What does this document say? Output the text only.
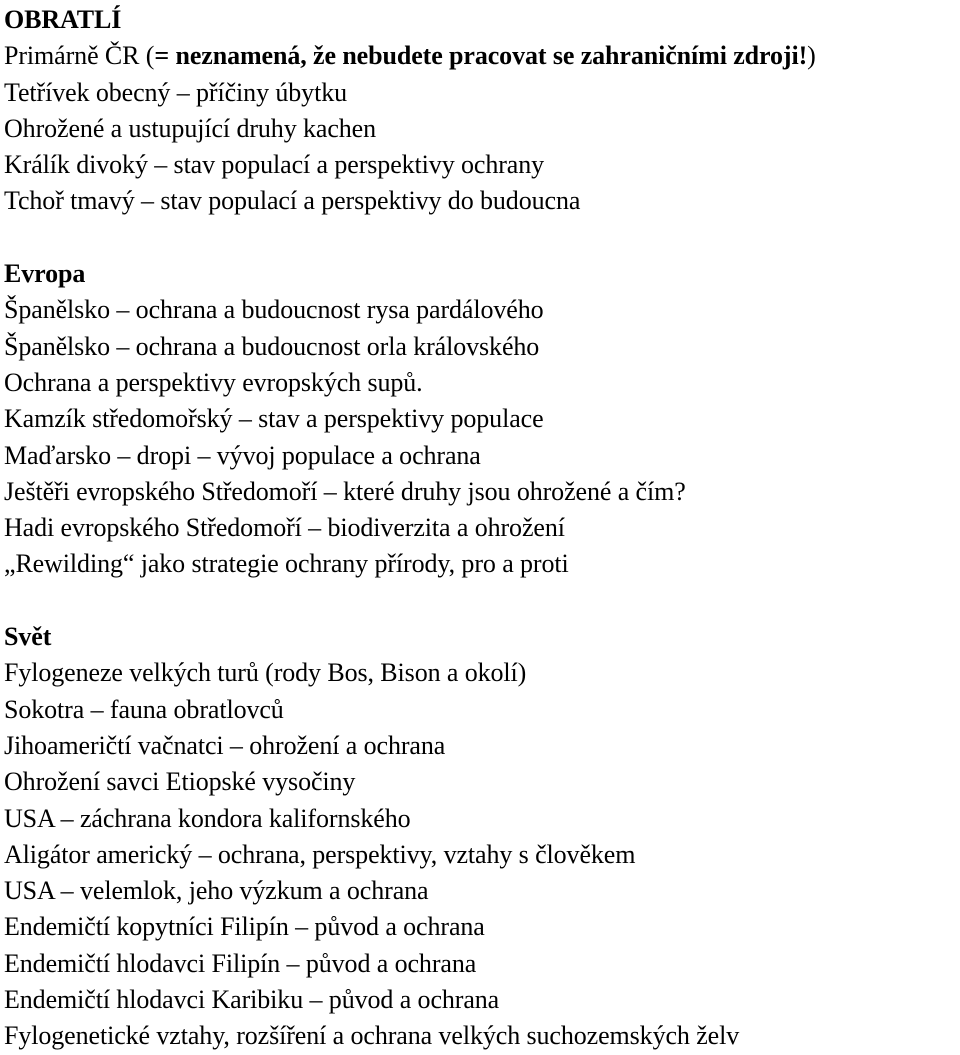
OBRATLÍ
Primárně ČR (= neznamená, že nebudete pracovat se zahraničními zdroji!)
Tetřívek obecný – příčiny úbytku
Ohrožené a ustupující druhy kachen
Králík divoký – stav populací a perspektivy ochrany
Tchoř tmavý – stav populací a perspektivy do budoucna
Evropa
Španělsko – ochrana a budoucnost rysa pardálového
Španělsko – ochrana a budoucnost orla královského
Ochrana a perspektivy evropských supů.
Kamzík středomořský – stav a perspektivy populace
Maďarsko – dropi – vývoj populace a ochrana
Ještěři evropského Středomoří – které druhy jsou ohrožené a čím?
Hadi evropského Středomoří – biodiverzita a ohrožení
„Rewilding“ jako strategie ochrany přírody, pro a proti
Svět
Fylogeneze velkých turů (rody Bos, Bison a okolí)
Sokotra – fauna obratlovců
Jihoameričtí vačnatci – ohrožení a ochrana
Ohrožení savci Etiopské vysočiny
USA – záchrana kondora kalifornského
Aligátor americký – ochrana, perspektivy, vztahy s člověkem
USA – velemlok, jeho výzkum a ochrana
Endemičtí kopytníci Filipín – původ a ochrana
Endemičtí hlodavci Filipín – původ a ochrana
Endemičtí hlodavci Karibiku – původ a ochrana
Fylogenetické vztahy, rozšíření a ochrana velkých suchozemských želv
